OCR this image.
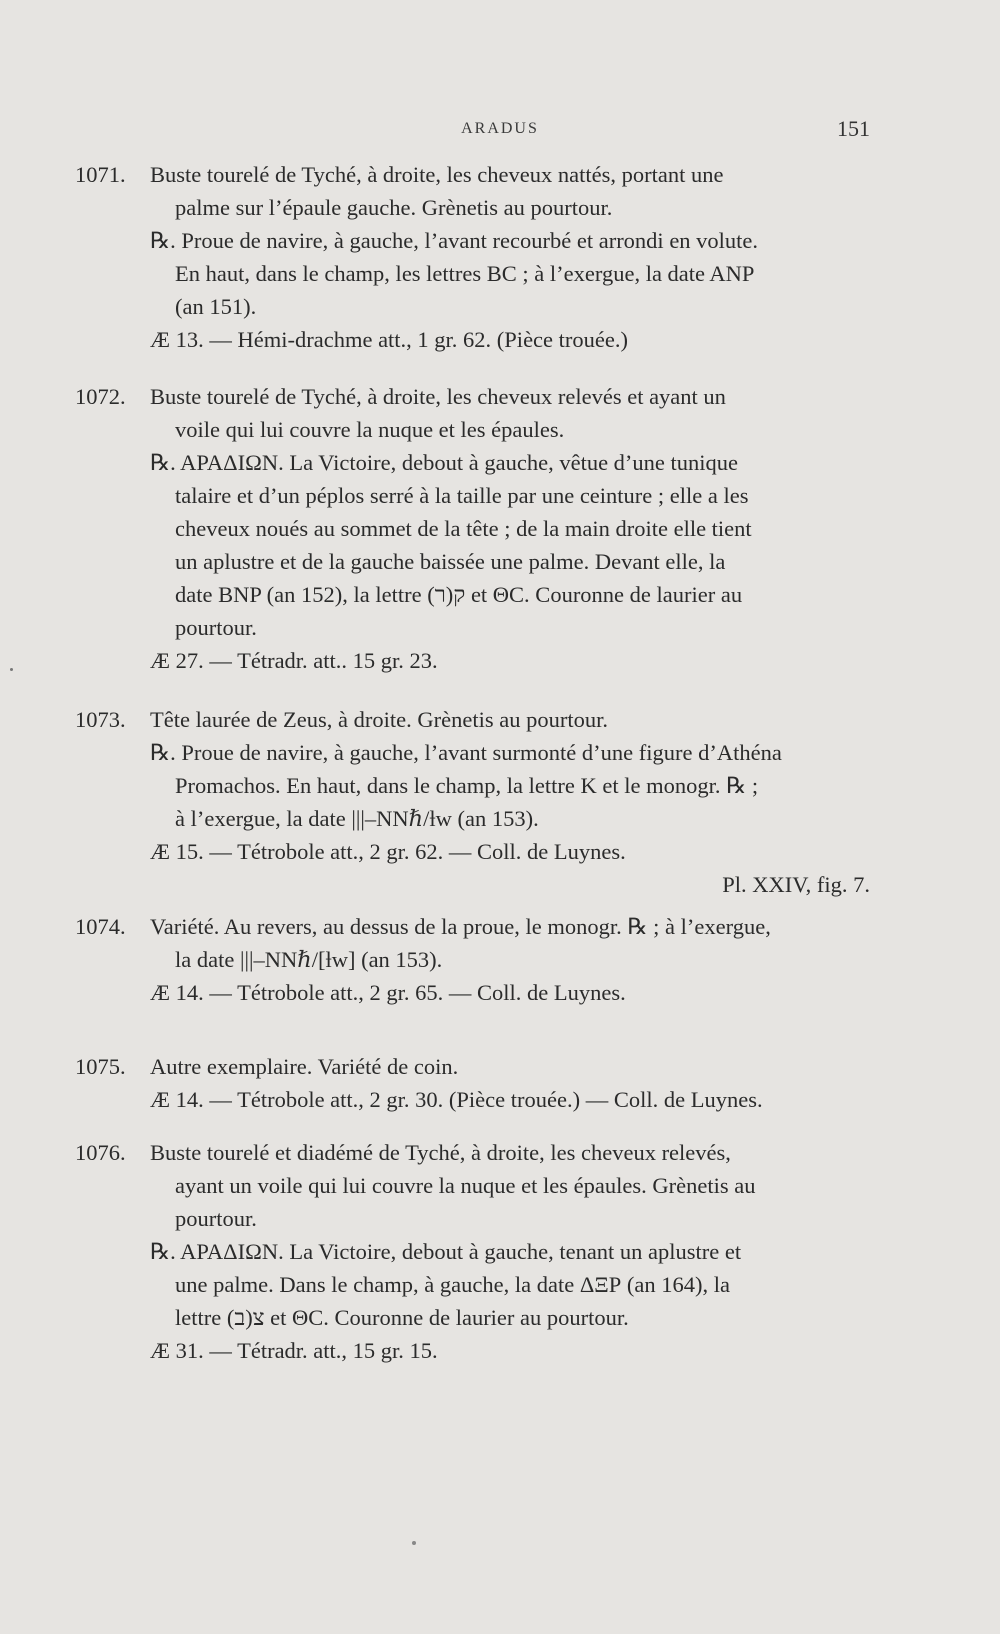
ARADUS	151
1071.	Buste tourelé de Tyché, à droite, les cheveux nattés, portant une
palme sur l’épaule gauche. Grènetis au pourtour.
℞. Proue de navire, à gauche, l’avant recourbé et arrondi en volute.
En haut, dans le champ, les lettres BC ; à l’exergue, la date ANP
(an 151).
Æ 13. — Hémi-drachme att., 1 gr. 62. (Pièce trouée.)
1072.	Buste tourelé de Tyché, à droite, les cheveux relevés et ayant un
voile qui lui couvre la nuque et les épaules.
℞. ΑΡΑΔΙΩΝ. La Victoire, debout à gauche, vêtue d’une tunique
talaire et d’un péplos serré à la taille par une ceinture ; elle a les
cheveux noués au sommet de la tête ; de la main droite elle tient
un aplustre et de la gauche baissée une palme. Devant elle, la
date BNP (an 152), la lettre ק(ר) et ΘC. Couronne de laurier au
pourtour.
Æ 27. — Tétradr. att.. 15 gr. 23.
1073.	Tête laurée de Zeus, à droite. Grènetis au pourtour.
℞. Proue de navire, à gauche, l’avant surmonté d’une figure d’Athéna
Promachos. En haut, dans le champ, la lettre K et le monogr. ℞ ;
à l’exergue, la date |||–NNℏ/ƚw (an 153).
Æ 15. — Tétrobole att., 2 gr. 62. — Coll. de Luynes.
Pl. XXIV, fig. 7.
1074.	Variété. Au revers, au dessus de la proue, le monogr. ℞ ; à l’exergue,
la date |||–NNℏ/[ƚw] (an 153).
Æ 14. — Tétrobole att., 2 gr. 65. — Coll. de Luynes.
1075.	Autre exemplaire. Variété de coin.
Æ 14. — Tétrobole att., 2 gr. 30. (Pièce trouée.) — Coll. de Luynes.
1076.	Buste tourelé et diadémé de Tyché, à droite, les cheveux relevés,
ayant un voile qui lui couvre la nuque et les épaules. Grènetis au
pourtour.
℞. ΑΡΑΔΙΩΝ. La Victoire, debout à gauche, tenant un aplustre et
une palme. Dans le champ, à gauche, la date ΔΞΡ (an 164), la
lettre צ(ב) et ΘC. Couronne de laurier au pourtour.
Æ 31. — Tétradr. att., 15 gr. 15.
